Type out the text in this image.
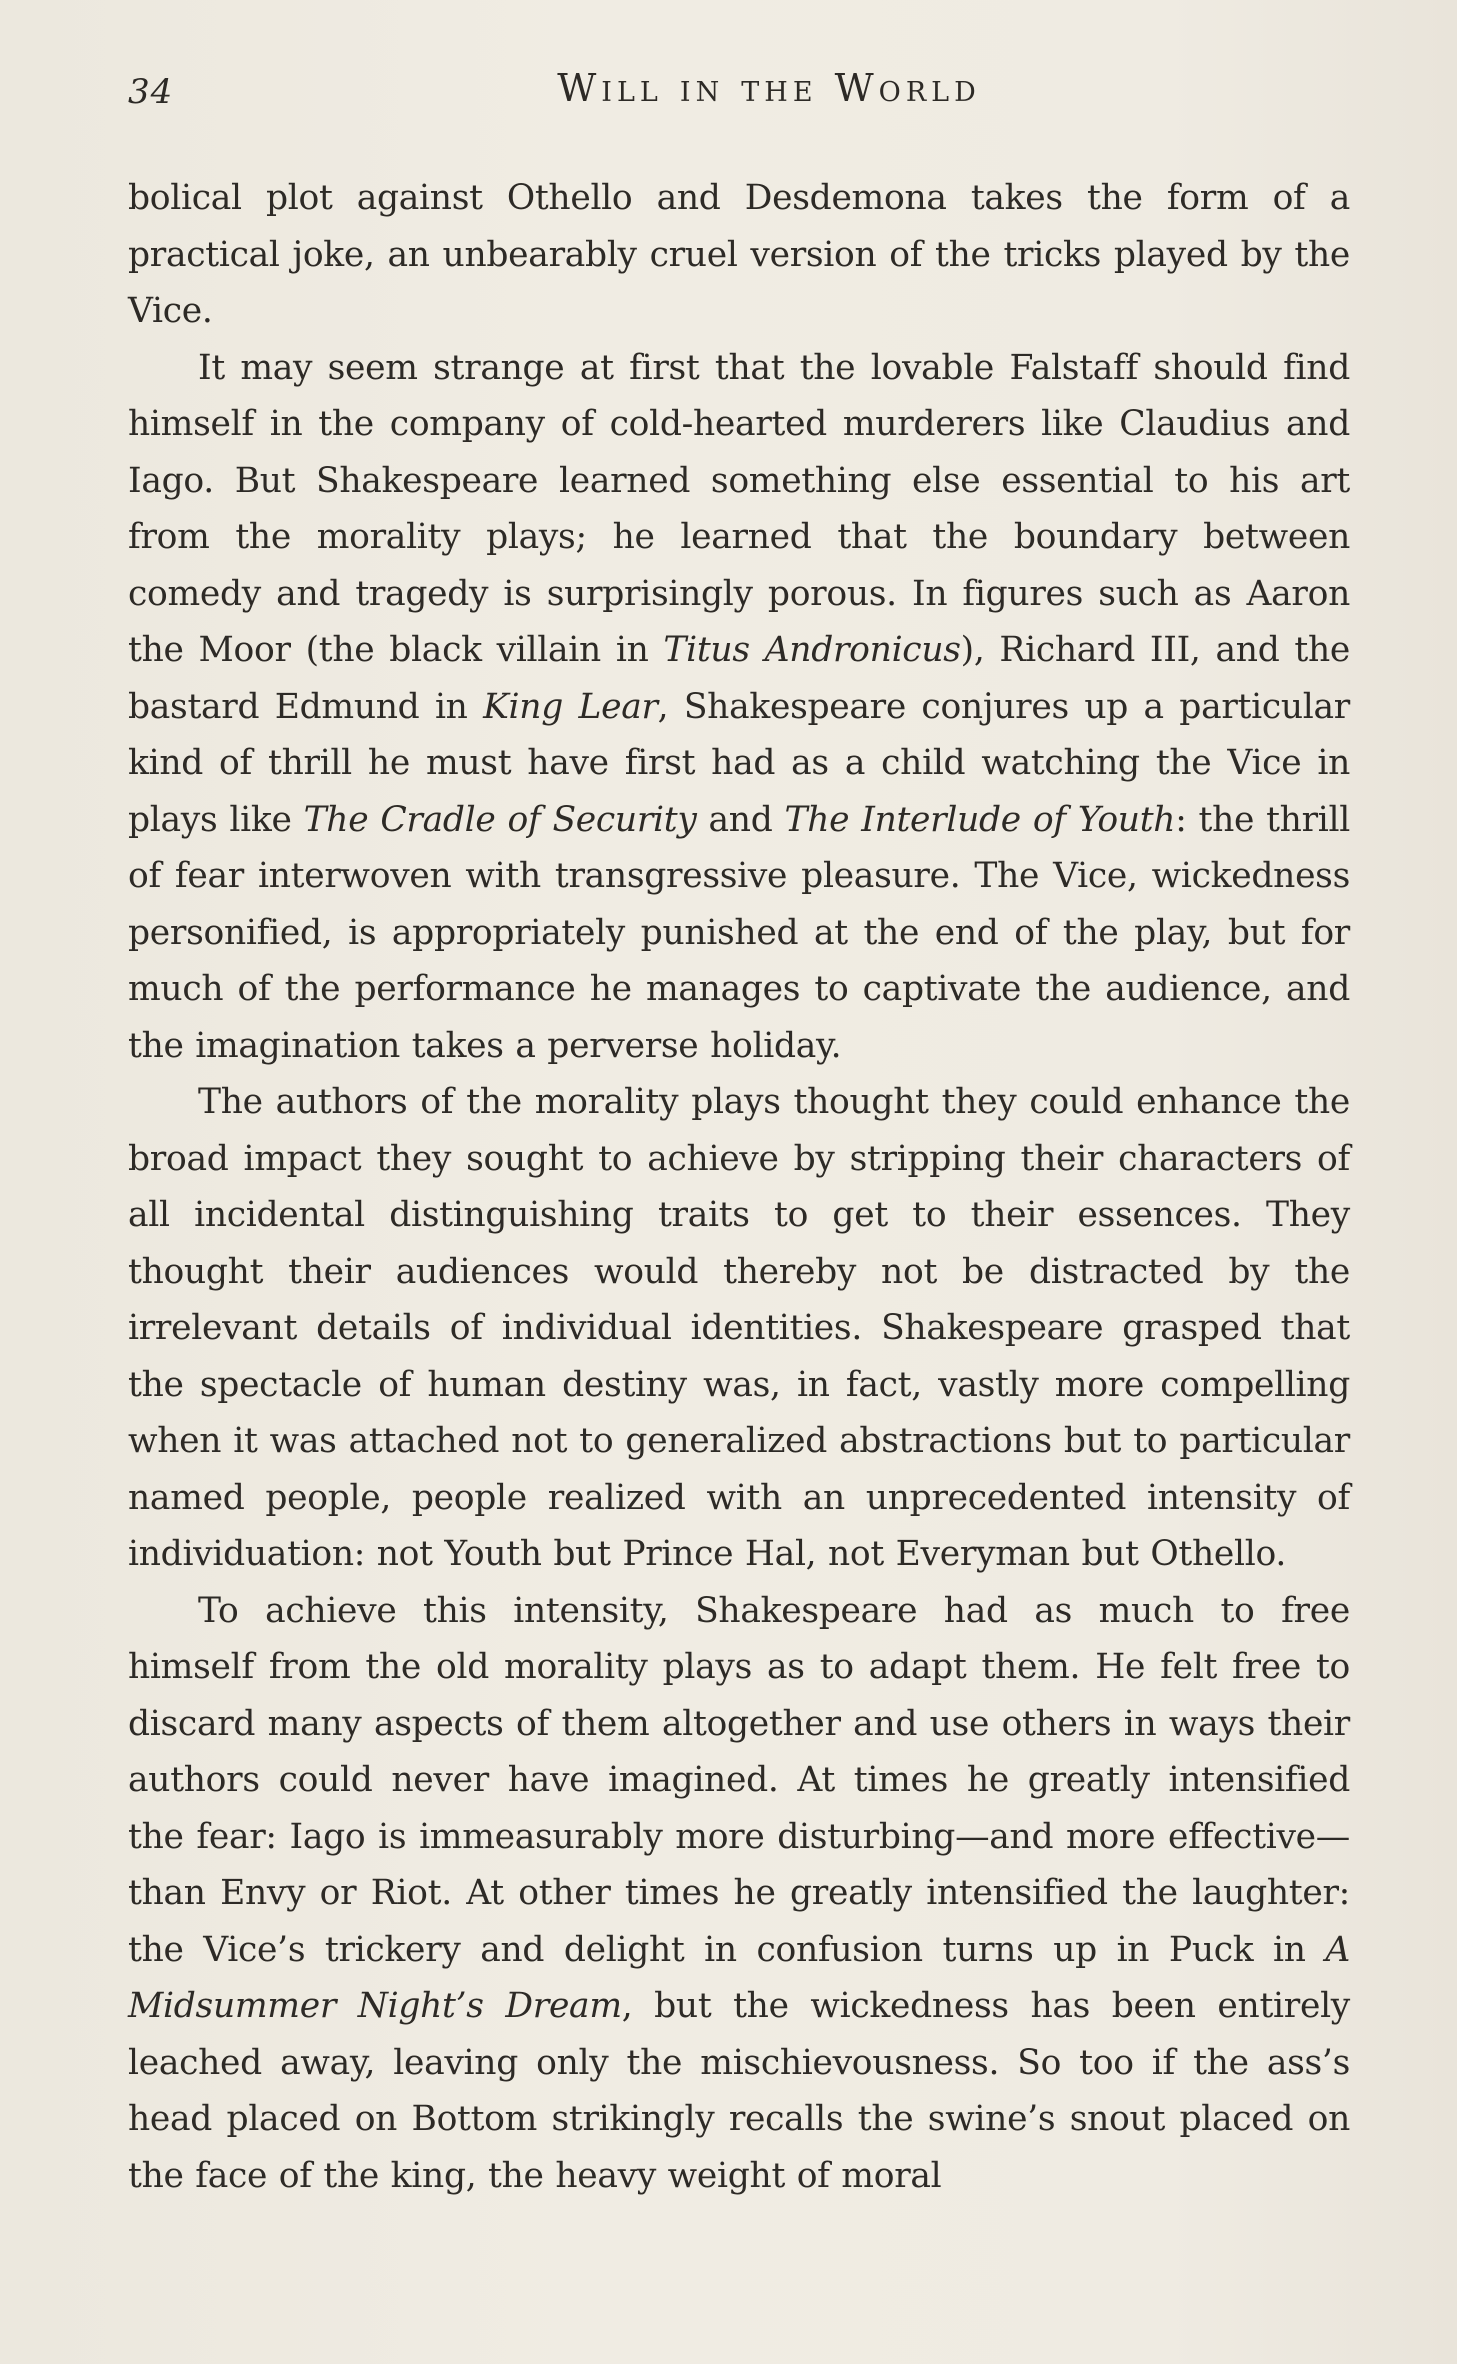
34	Will in the World

bolical plot against Othello and Desdemona takes the form of a practical joke, an unbearably cruel version of the tricks played by the Vice.

It may seem strange at first that the lovable Falstaff should find himself in the company of cold-hearted murderers like Claudius and Iago. But Shakespeare learned something else essential to his art from the morality plays; he learned that the boundary between comedy and tragedy is surprisingly porous. In figures such as Aaron the Moor (the black villain in Titus Andronicus), Richard III, and the bastard Edmund in King Lear, Shakespeare conjures up a particular kind of thrill he must have first had as a child watching the Vice in plays like The Cradle of Security and The Interlude of Youth: the thrill of fear interwoven with transgressive pleasure. The Vice, wickedness personified, is appropriately punished at the end of the play, but for much of the performance he manages to captivate the audience, and the imagination takes a perverse holiday.

The authors of the morality plays thought they could enhance the broad impact they sought to achieve by stripping their characters of all incidental distinguishing traits to get to their essences. They thought their audiences would thereby not be distracted by the irrelevant details of individual identities. Shakespeare grasped that the spectacle of human destiny was, in fact, vastly more compelling when it was attached not to generalized abstractions but to particular named people, people realized with an unprecedented intensity of individuation: not Youth but Prince Hal, not Everyman but Othello.

To achieve this intensity, Shakespeare had as much to free himself from the old morality plays as to adapt them. He felt free to discard many aspects of them altogether and use others in ways their authors could never have imagined. At times he greatly intensified the fear: Iago is immeasurably more disturbing—and more effective—than Envy or Riot. At other times he greatly intensified the laughter: the Vice’s trickery and delight in confusion turns up in Puck in A Midsummer Night’s Dream, but the wickedness has been entirely leached away, leaving only the mischievousness. So too if the ass’s head placed on Bottom strikingly recalls the swine’s snout placed on the face of the king, the heavy weight of moral
